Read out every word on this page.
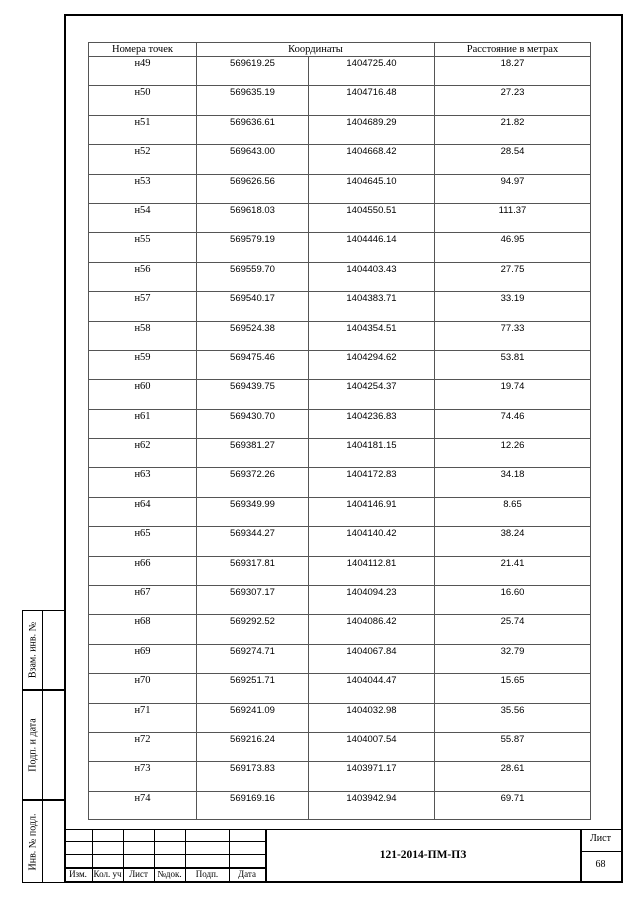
Номера точек	Координаты		Расстояние в метрах
н49	569619.25	1404725.40	18.27
н50	569635.19	1404716.48	27.23
н51	569636.61	1404689.29	21.82
н52	569643.00	1404668.42	28.54
н53	569626.56	1404645.10	94.97
н54	569618.03	1404550.51	111.37
н55	569579.19	1404446.14	46.95
н56	569559.70	1404403.43	27.75
н57	569540.17	1404383.71	33.19
н58	569524.38	1404354.51	77.33
н59	569475.46	1404294.62	53.81
н60	569439.75	1404254.37	19.74
н61	569430.70	1404236.83	74.46
н62	569381.27	1404181.15	12.26
н63	569372.26	1404172.83	34.18
н64	569349.99	1404146.91	8.65
н65	569344.27	1404140.42	38.24
н66	569317.81	1404112.81	21.41
н67	569307.17	1404094.23	16.60
н68	569292.52	1404086.42	25.74
н69	569274.71	1404067.84	32.79
н70	569251.71	1404044.47	15.65
н71	569241.09	1404032.98	35.56
н72	569216.24	1404007.54	55.87
н73	569173.83	1403971.17	28.61
н74	569169.16	1403942.94	69.71
Взам. инв. №
Подп. и дата
Инв. № подл.
Изм. Кол. уч Лист	№док.	Подп.	Дата
121-2014-ПМ-ПЗ
Лист
68
